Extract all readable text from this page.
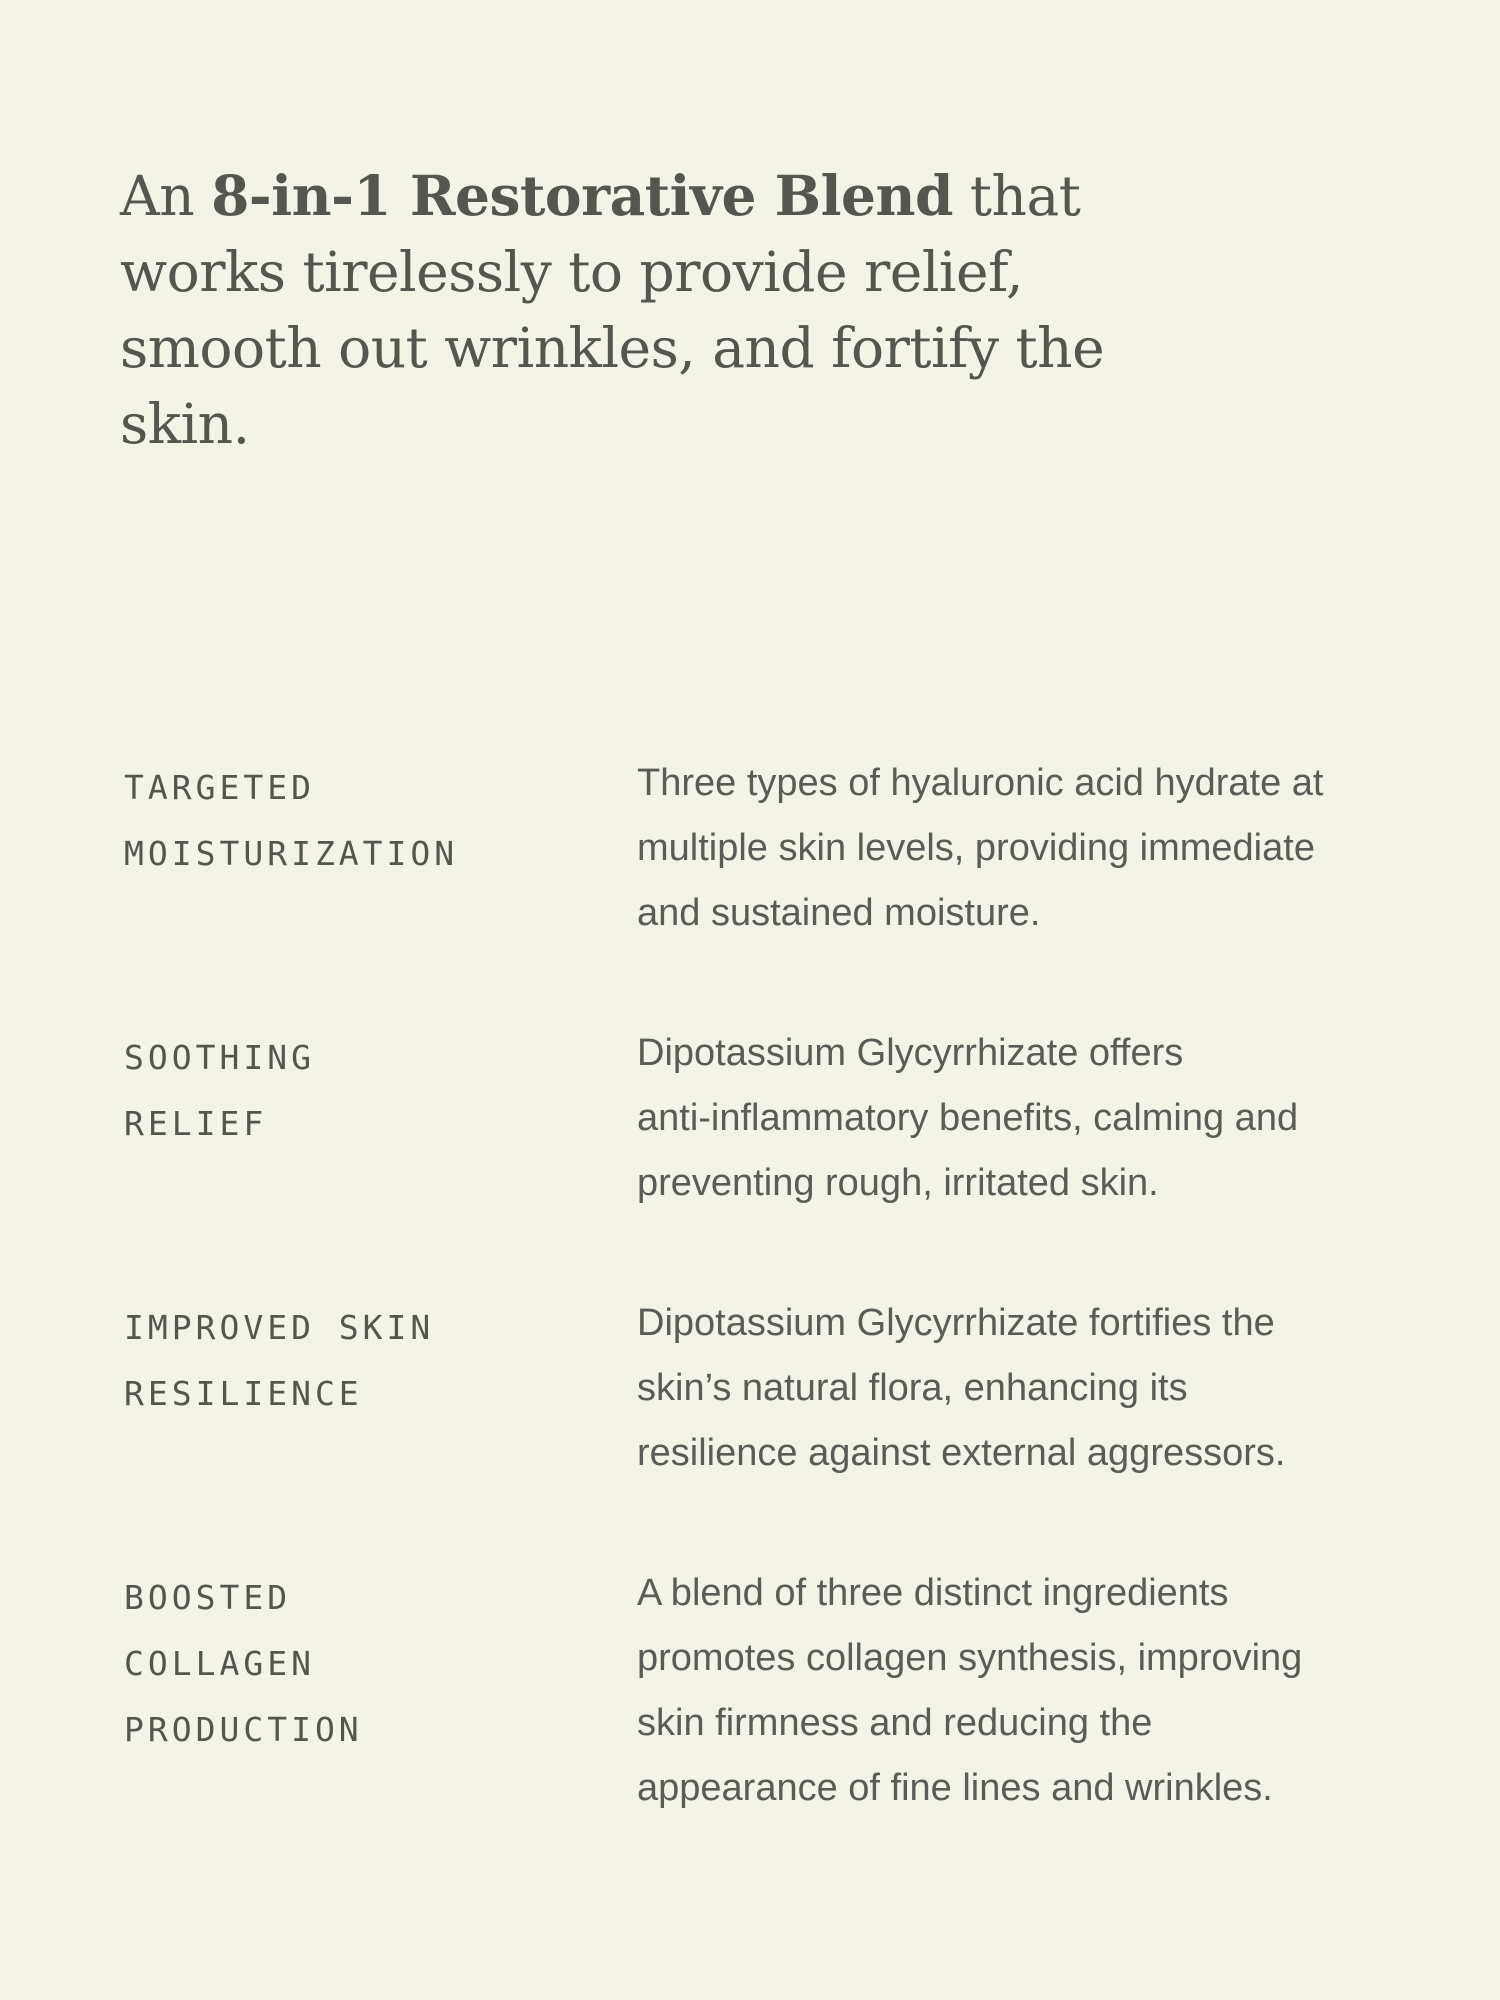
An 8-in-1 Restorative Blend that works tirelessly to provide relief, smooth out wrinkles, and fortify the skin.
TARGETED
MOISTURIZATION
Three types of hyaluronic acid hydrate at
multiple skin levels, providing immediate
and sustained moisture.
SOOTHING
RELIEF
Dipotassium Glycyrrhizate offers
anti-inflammatory benefits, calming and
preventing rough, irritated skin.
IMPROVED SKIN
RESILIENCE
Dipotassium Glycyrrhizate fortifies the
skin’s natural flora, enhancing its
resilience against external aggressors.
BOOSTED
COLLAGEN
PRODUCTION
A blend of three distinct ingredients
promotes collagen synthesis, improving
skin firmness and reducing the
appearance of fine lines and wrinkles.
